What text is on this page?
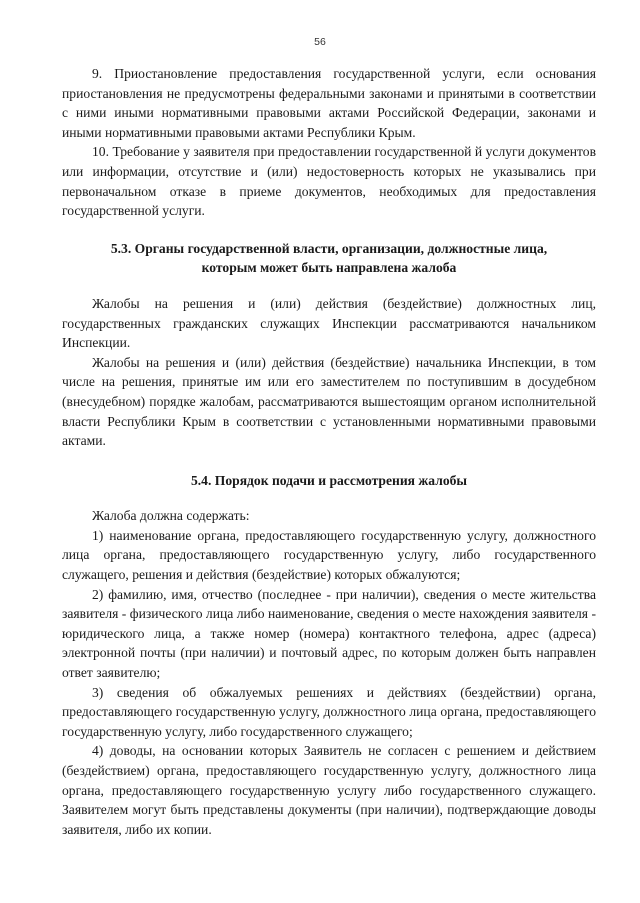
56

9. Приостановление предоставления государственной услуги, если основания приостановления не предусмотрены федеральными законами и принятыми в соответствии с ними иными нормативными правовыми актами Российской Федерации, законами и иными нормативными правовыми актами Республики Крым.

10. Требование у заявителя при предоставлении государственной й услуги документов или информации, отсутствие и (или) недостоверность которых не указывались при первоначальном отказе в приеме документов, необходимых для предоставления государственной услуги.

5.3. Органы государственной власти, организации, должностные лица, которым может быть направлена жалоба

Жалобы на решения и (или) действия (бездействие) должностных лиц, государственных гражданских служащих Инспекции рассматриваются начальником Инспекции.

Жалобы на решения и (или) действия (бездействие) начальника Инспекции, в том числе на решения, принятые им или его заместителем по поступившим в досудебном (внесудебном) порядке жалобам, рассматриваются вышестоящим органом исполнительной власти Республики Крым в соответствии с установленными нормативными правовыми актами.

5.4. Порядок подачи и рассмотрения жалобы

Жалоба должна содержать:

1) наименование органа, предоставляющего государственную услугу, должностного лица органа, предоставляющего государственную услугу, либо государственного служащего, решения и действия (бездействие) которых обжалуются;

2) фамилию, имя, отчество (последнее - при наличии), сведения о месте жительства заявителя - физического лица либо наименование, сведения о месте нахождения заявителя - юридического лица, а также номер (номера) контактного телефона, адрес (адреса) электронной почты (при наличии) и почтовый адрес, по которым должен быть направлен ответ заявителю;

3) сведения об обжалуемых решениях и действиях (бездействии) органа, предоставляющего государственную услугу, должностного лица органа, предоставляющего государственную услугу, либо государственного служащего;

4) доводы, на основании которых Заявитель не согласен с решением и действием (бездействием) органа, предоставляющего государственную услугу, должностного лица органа, предоставляющего государственную услугу либо государственного служащего. Заявителем могут быть представлены документы (при наличии), подтверждающие доводы заявителя, либо их копии.
